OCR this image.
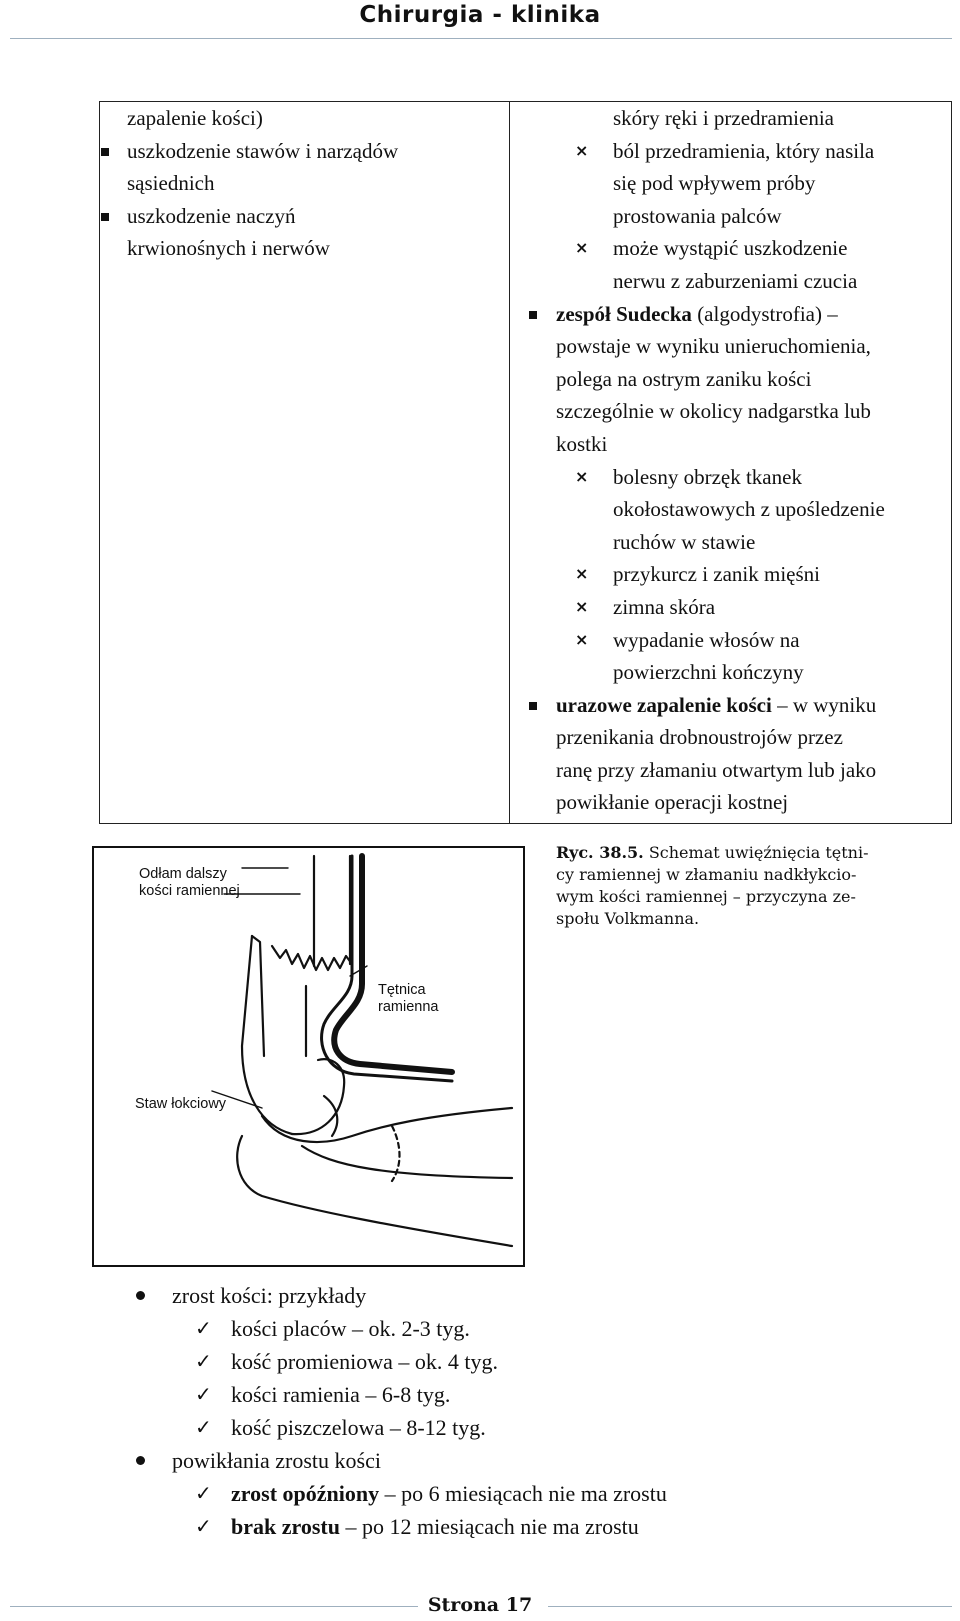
Chirurgia - klinika
zapalenie kości)
uszkodzenie stawów i narządów
sąsiednich
uszkodzenie naczyń
krwionośnych i nerwów
skóry ręki i przedramienia
× ból przedramienia, który nasila
się pod wpływem próby
prostowania palców
× może wystąpić uszkodzenie
nerwu z zaburzeniami czucia
zespół Sudecka (algodystrofia) –
powstaje w wyniku unieruchomienia,
polega na ostrym zaniku kości
szczególnie w okolicy nadgarstka lub
kostki
× bolesny obrzęk tkanek
okołostawowych z upośledzenie
ruchów w stawie
× przykurcz i zanik mięśni
× zimna skóra
× wypadanie włosów na
powierzchni kończyny
urazowe zapalenie kości – w wyniku
przenikania drobnoustrojów przez
ranę przy złamaniu otwartym lub jako
powikłanie operacji kostnej
Odłam dalszy
kości ramiennej
Tętnica
ramienna
Staw łokciowy
Ryc. 38.5. Schemat uwięźnięcia tętni-
cy ramiennej w złamaniu nadkłykcio-
wym kości ramiennej – przyczyna ze-
społu Volkmanna.
zrost kości: przykłady
✓ kości placów – ok. 2-3 tyg.
✓ kość promieniowa – ok. 4 tyg.
✓ kości ramienia – 6-8 tyg.
✓ kość piszczelowa – 8-12 tyg.
powikłania zrostu kości
✓ zrost opóźniony – po 6 miesiącach nie ma zrostu
✓ brak zrostu – po 12 miesiącach nie ma zrostu
Strona 17
